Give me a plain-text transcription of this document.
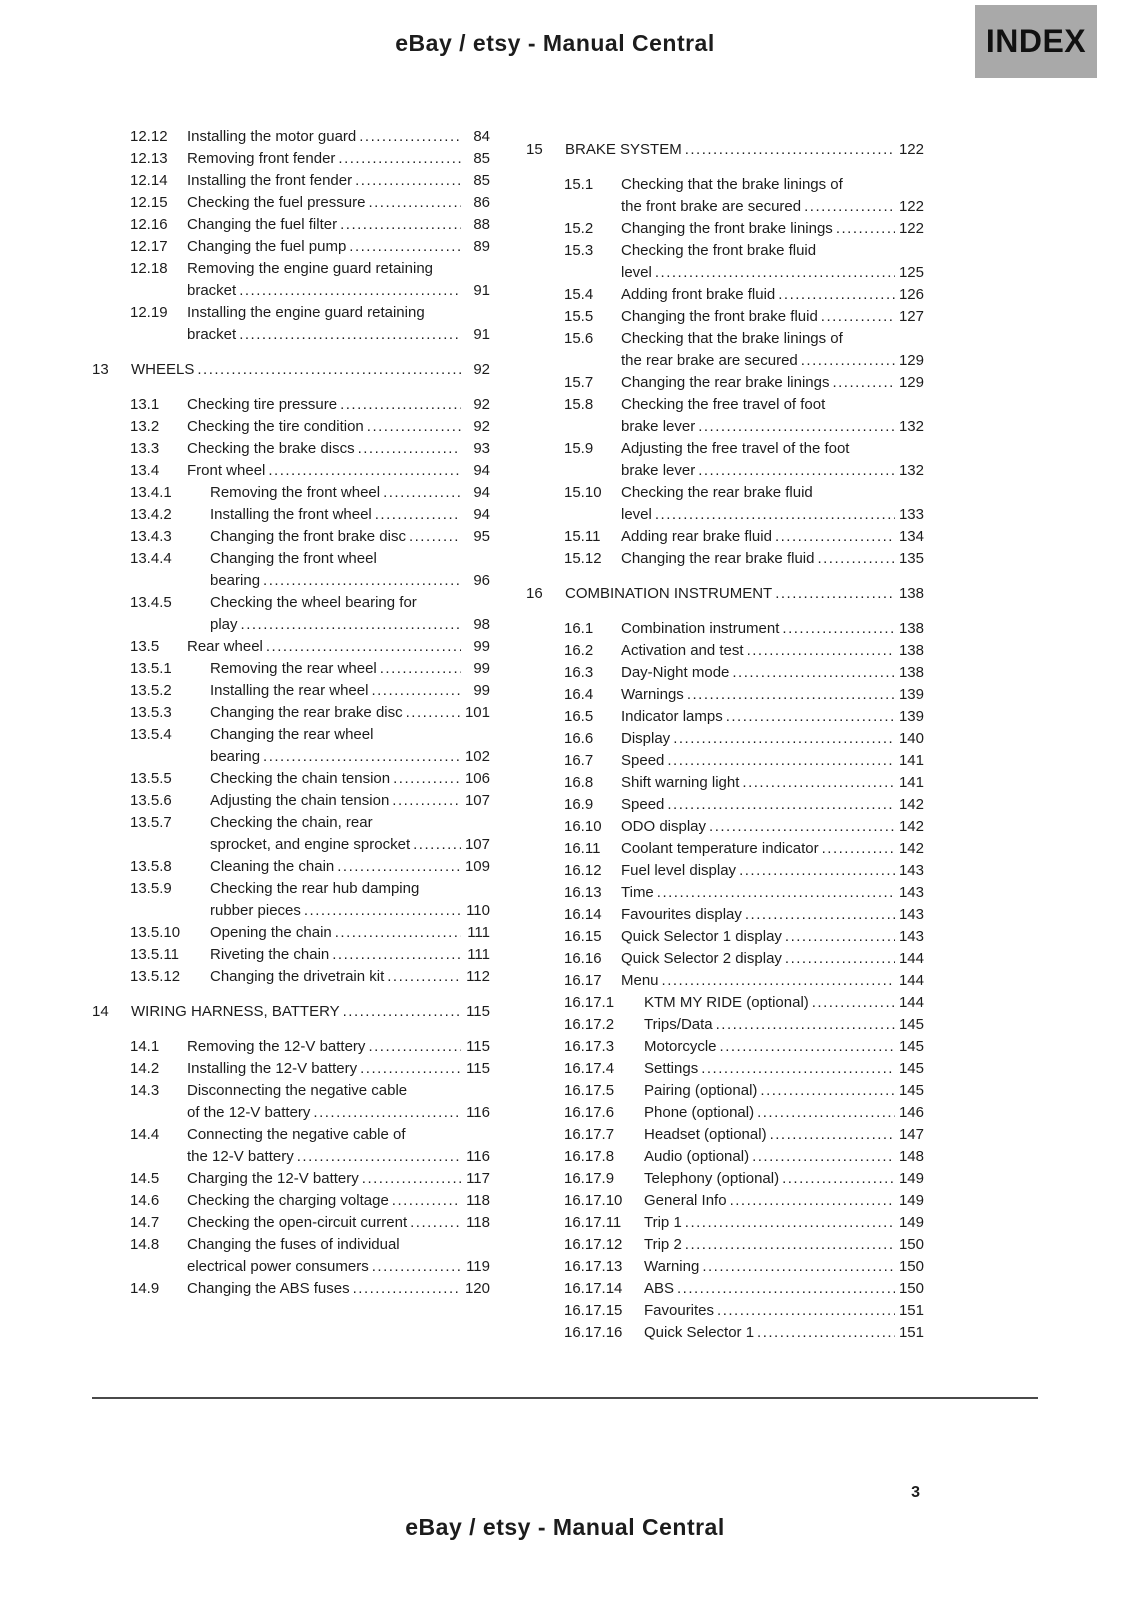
eBay / etsy - Manual Central	INDEX
12.12	Installing the motor guard .....	84
12.13	Removing front fender .....	85
12.14	Installing the front fender .....	85
12.15	Checking the fuel pressure .....	86
12.16	Changing the fuel filter .....	88
12.17	Changing the fuel pump .....	89
12.18	Removing the engine guard retaining
bracket .....	91
12.19	Installing the engine guard retaining
bracket .....	91
13	WHEELS .....	92
13.1	Checking tire pressure .....	92
13.2	Checking the tire condition .....	92
13.3	Checking the brake discs .....	93
13.4	Front wheel .....	94
13.4.1	Removing the front wheel .....	94
13.4.2	Installing the front wheel .....	94
13.4.3	Changing the front brake disc .....	95
13.4.4	Changing the front wheel
bearing .....	96
13.4.5	Checking the wheel bearing for
play .....	98
13.5	Rear wheel .....	99
13.5.1	Removing the rear wheel .....	99
13.5.2	Installing the rear wheel .....	99
13.5.3	Changing the rear brake disc .....	101
13.5.4	Changing the rear wheel
bearing .....	102
13.5.5	Checking the chain tension .....	106
13.5.6	Adjusting the chain tension .....	107
13.5.7	Checking the chain, rear
sprocket, and engine sprocket .....	107
13.5.8	Cleaning the chain .....	109
13.5.9	Checking the rear hub damping
rubber pieces .....	110
13.5.10	Opening the chain .....	111
13.5.11	Riveting the chain .....	111
13.5.12	Changing the drivetrain kit .....	112
14	WIRING HARNESS, BATTERY .....	115
14.1	Removing the 12-V battery .....	115
14.2	Installing the 12-V battery .....	115
14.3	Disconnecting the negative cable
of the 12-V battery .....	116
14.4	Connecting the negative cable of
the 12-V battery .....	116
14.5	Charging the 12-V battery .....	117
14.6	Checking the charging voltage .....	118
14.7	Checking the open-circuit current .....	118
14.8	Changing the fuses of individual
electrical power consumers .....	119
14.9	Changing the ABS fuses .....	120
15	BRAKE SYSTEM .....	122
15.1	Checking that the brake linings of
the front brake are secured .....	122
15.2	Changing the front brake linings .....	122
15.3	Checking the front brake fluid
level .....	125
15.4	Adding front brake fluid .....	126
15.5	Changing the front brake fluid .....	127
15.6	Checking that the brake linings of
the rear brake are secured .....	129
15.7	Changing the rear brake linings .....	129
15.8	Checking the free travel of foot
brake lever .....	132
15.9	Adjusting the free travel of the foot
brake lever .....	132
15.10	Checking the rear brake fluid
level .....	133
15.11	Adding rear brake fluid .....	134
15.12	Changing the rear brake fluid .....	135
16	COMBINATION INSTRUMENT .....	138
16.1	Combination instrument .....	138
16.2	Activation and test .....	138
16.3	Day-Night mode .....	138
16.4	Warnings .....	139
16.5	Indicator lamps .....	139
16.6	Display .....	140
16.7	Speed .....	141
16.8	Shift warning light .....	141
16.9	Speed .....	142
16.10	ODO display .....	142
16.11	Coolant temperature indicator .....	142
16.12	Fuel level display .....	143
16.13	Time .....	143
16.14	Favourites display .....	143
16.15	Quick Selector 1 display .....	143
16.16	Quick Selector 2 display .....	144
16.17	Menu .....	144
16.17.1	KTM MY RIDE (optional) .....	144
16.17.2	Trips/Data .....	145
16.17.3	Motorcycle .....	145
16.17.4	Settings .....	145
16.17.5	Pairing (optional) .....	145
16.17.6	Phone (optional) .....	146
16.17.7	Headset (optional) .....	147
16.17.8	Audio (optional) .....	148
16.17.9	Telephony (optional) .....	149
16.17.10	General Info .....	149
16.17.11	Trip 1 .....	149
16.17.12	Trip 2 .....	150
16.17.13	Warning .....	150
16.17.14	ABS .....	150
16.17.15	Favourites .....	151
16.17.16	Quick Selector 1 .....	151
3
eBay / etsy - Manual Central
